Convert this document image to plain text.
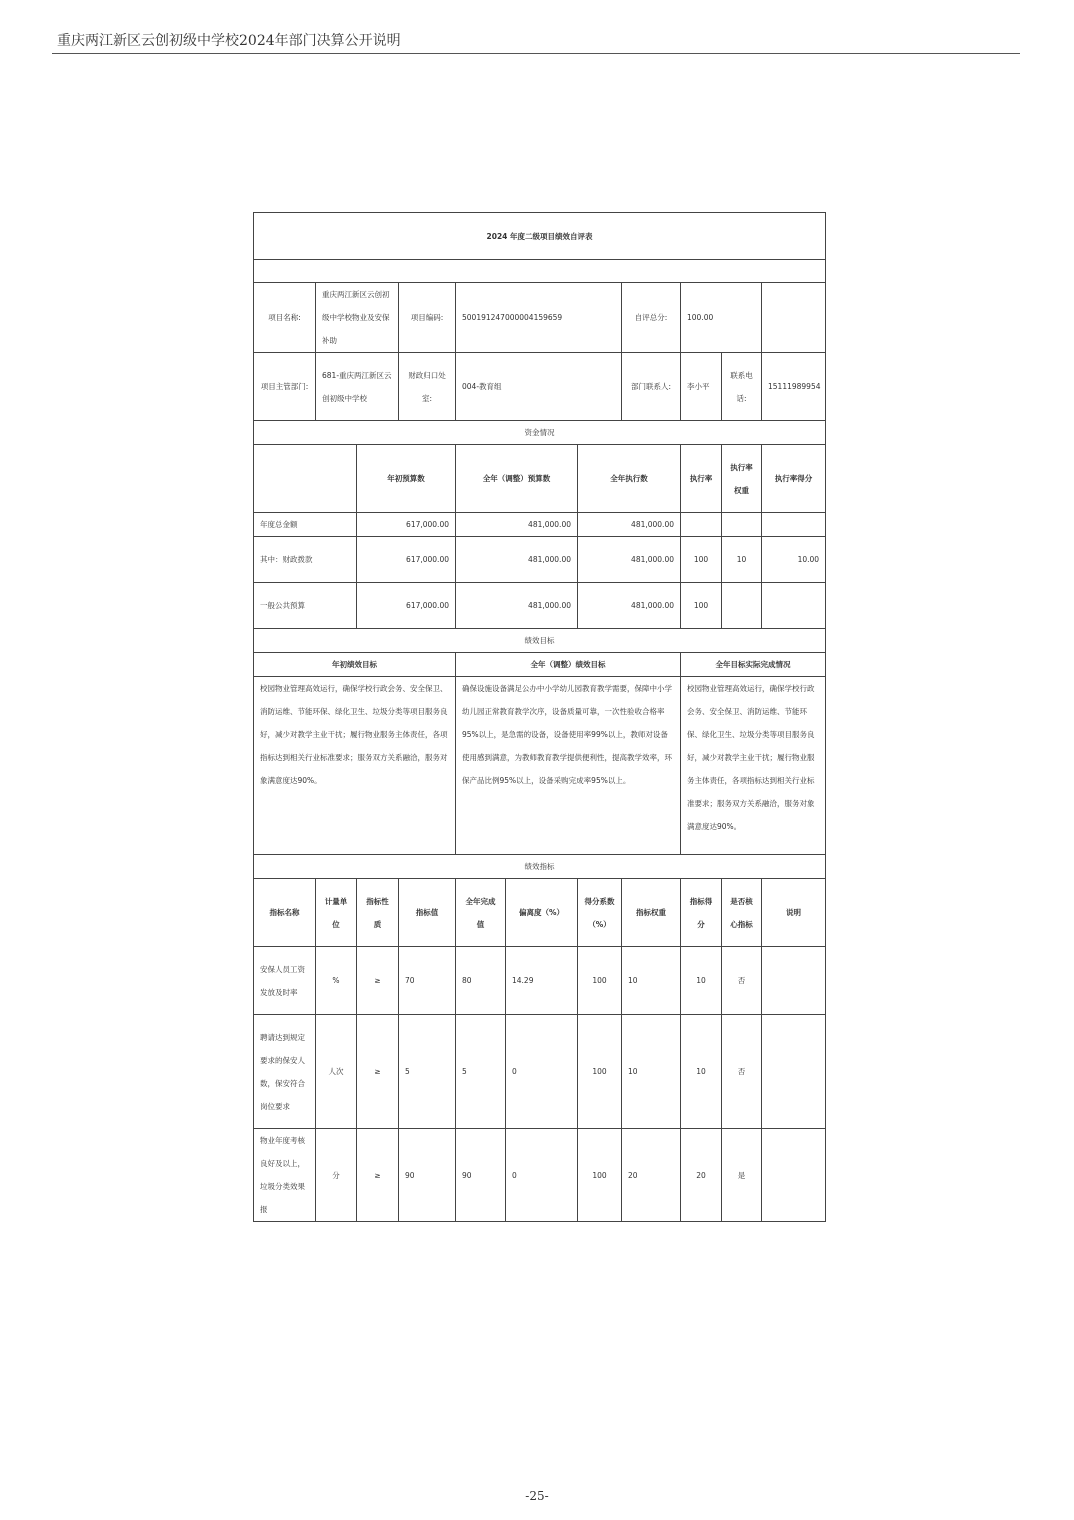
重庆两江新区云创初级中学校2024年部门决算公开说明
2024 年度二级项目绩效自评表										

项目名称:	重庆两江新区云创初级中学校物业及安保补助		项目编码:	500191247000004159659			自评总分:	100.00		
项目主管部门:	681-重庆两江新区云创初级中学校		财政归口处室:	004-教育组			部门联系人:	李小平	联系电话:	15111989954
资金情况										
		年初预算数		全年（调整）预算数		全年执行数		执行率	执行率权重	执行率得分
年度总金额		617,000.00		481,000.00		481,000.00				
其中：财政拨款		617,000.00		481,000.00		481,000.00		100	10	10.00
一般公共预算		617,000.00		481,000.00		481,000.00		100		
绩效目标										
年初绩效目标				全年（调整）绩效目标				全年目标实际完成情况		
校园物业管理高效运行，确保学校行政会务、安全保卫、消防运维、节能环保、绿化卫生、垃圾分类等项目服务良好，减少对教学主业干扰；履行物业服务主体责任，各项指标达到相关行业标准要求；服务双方关系融洽，服务对象满意度达90%。				确保设施设备满足公办中小学幼儿园教育教学需要，保障中小学幼儿园正常教育教学次序，设备质量可靠，一次性验收合格率95%以上，是急需的设备，设备使用率99%以上，教师对设备使用感到满意，为教师教育教学提供便利性，提高教学效率，环保产品比例95%以上，设备采购完成率95%以上。				校园物业管理高效运行，确保学校行政会务、安全保卫、消防运维、节能环保、绿化卫生、垃圾分类等项目服务良好，减少对教学主业干扰；履行物业服务主体责任，各项指标达到相关行业标准要求；服务双方关系融洽，服务对象满意度达90%。		
绩效指标										
指标名称	计量单位	指标性质	指标值	全年完成值	偏离度（%）	得分系数（%）	指标权重	指标得分	是否核心指标	说明
安保人员工资发放及时率	%	≥	70	80	14.29	100	10	10	否	
聘请达到规定要求的保安人数，保安符合岗位要求	人次	≥	5	5	0	100	10	10	否	
物业年度考核良好及以上，垃圾分类效果报	分	≥	90	90	0	100	20	20	是	
-25-
